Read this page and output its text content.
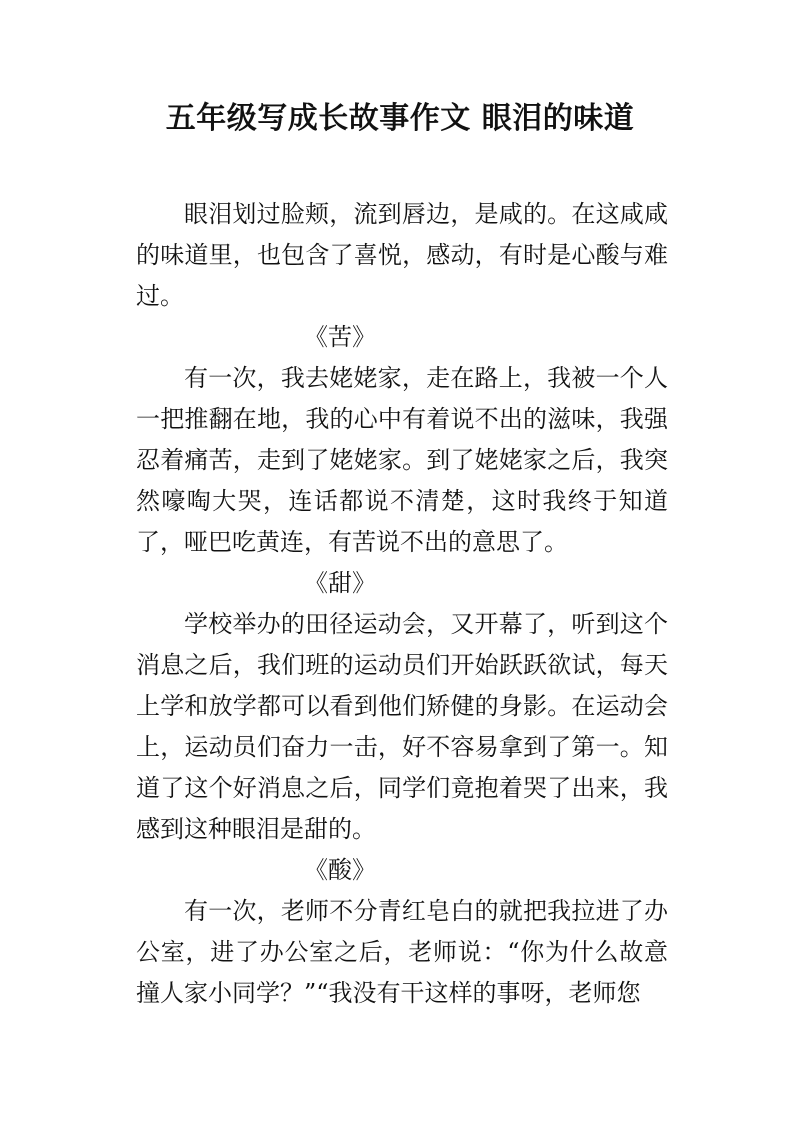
五年级写成长故事作文 眼泪的味道

眼泪划过脸颊，流到唇边，是咸的。在这咸咸的味道里，也包含了喜悦，感动，有时是心酸与难过。

《苦》

有一次，我去姥姥家，走在路上，我被一个人一把推翻在地，我的心中有着说不出的滋味，我强忍着痛苦，走到了姥姥家。到了姥姥家之后，我突然嚎啕大哭，连话都说不清楚，这时我终于知道了，哑巴吃黄连，有苦说不出的意思了。

《甜》

学校举办的田径运动会，又开幕了，听到这个消息之后，我们班的运动员们开始跃跃欲试，每天上学和放学都可以看到他们矫健的身影。在运动会上，运动员们奋力一击，好不容易拿到了第一。知道了这个好消息之后，同学们竟抱着哭了出来，我感到这种眼泪是甜的。

《酸》

有一次，老师不分青红皂白的就把我拉进了办公室，进了办公室之后，老师说：“你为什么故意撞人家小同学？”“我没有干这样的事呀，老师您
